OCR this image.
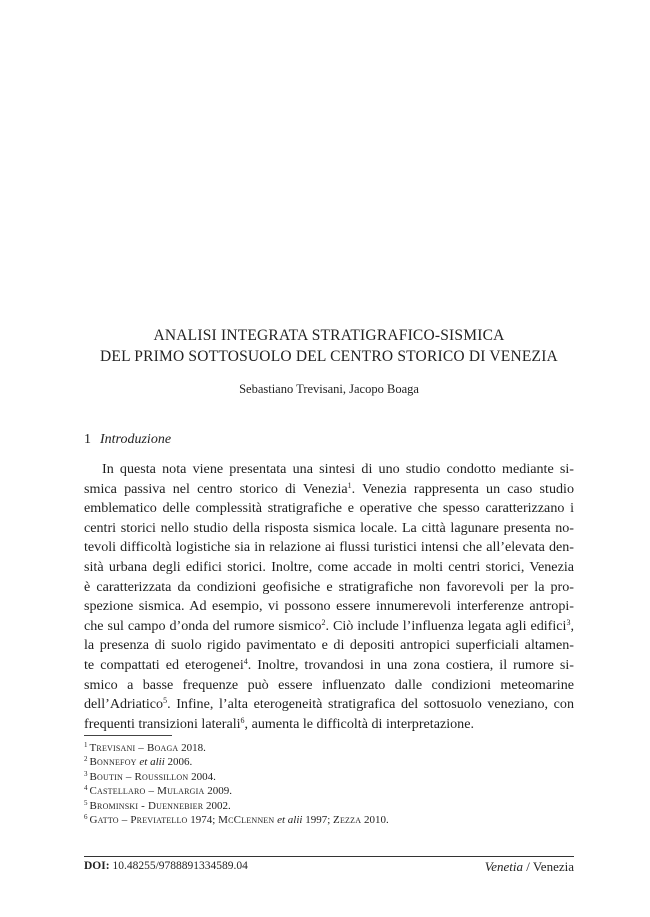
ANALISI INTEGRATA STRATIGRAFICO-SISMICA
DEL PRIMO SOTTOSUOLO DEL CENTRO STORICO DI VENEZIA
Sebastiano Trevisani, Jacopo Boaga
1 Introduzione
In questa nota viene presentata una sintesi di uno studio condotto mediante si-
smica passiva nel centro storico di Venezia$^1$. Venezia rappresenta un caso studio
emblematico delle complessità stratigrafiche e operative che spesso caratterizzano i
centri storici nello studio della risposta sismica locale. La città lagunare presenta no-
tevoli difficoltà logistiche sia in relazione ai flussi turistici intensi che all’elevata den-
sità urbana degli edifici storici. Inoltre, come accade in molti centri storici, Venezia
è caratterizzata da condizioni geofisiche e stratigrafiche non favorevoli per la pro-
spezione sismica. Ad esempio, vi possono essere innumerevoli interferenze antropi-
che sul campo d’onda del rumore sismico$^2$. Ciò include l’influenza legata agli edifici$^3$,
la presenza di suolo rigido pavimentato e di depositi antropici superficiali altamen-
te compattati ed eterogenei$^4$. Inoltre, trovandosi in una zona costiera, il rumore si-
smico a basse frequenze può essere influenzato dalle condizioni meteomarine
dell’Adriatico$^5$. Infine, l’alta eterogeneità stratigrafica del sottosuolo veneziano, con
frequenti transizioni laterali$^6$, aumenta le difficoltà di interpretazione.
$^1$ Trevisani – Boaga 2018.
$^2$ Bonnefoy et alii 2006.
$^3$ Boutin – Roussillon 2004.
$^4$ Castellaro – Mulargia 2009.
$^5$ Brominski - Duennebier 2002.
$^6$ Gatto – Previatello 1974; McClennen et alii 1997; Zezza 2010.
DOI: 10.48255/9788891334589.04	Venetia / Venezia
